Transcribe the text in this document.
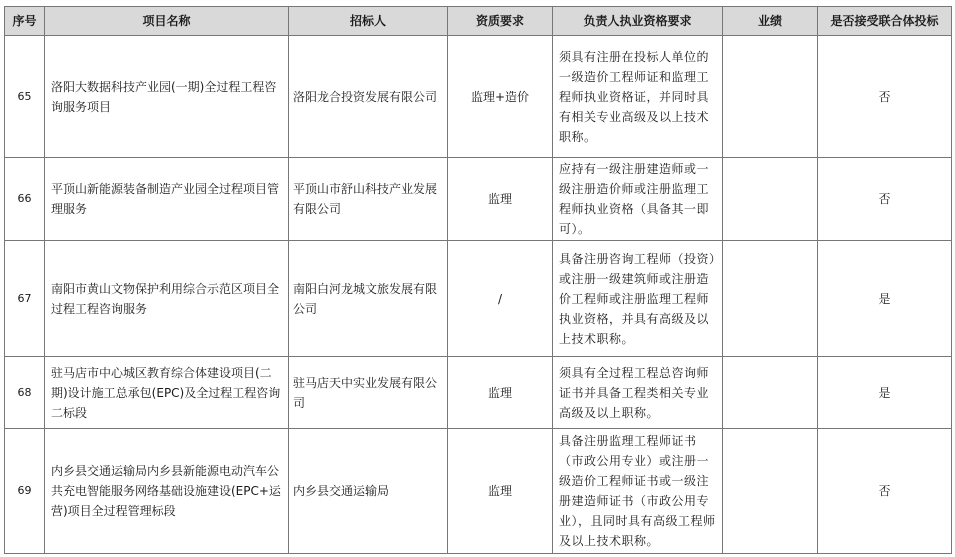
序号	项目名称	招标人	资质要求	负责人执业资格要求	业绩	是否接受联合体投标
65	洛阳大数据科技产业园(一期)全过程工程咨询服务项目	洛阳龙合投资发展有限公司	监理+造价	须具有注册在投标人单位的一级造价工程师证和监理工程师执业资格证，并同时具有相关专业高级及以上技术职称。		否
66	平顶山新能源装备制造产业园全过程项目管理服务	平顶山市舒山科技产业发展有限公司	监理	应持有一级注册建造师或一级注册造价师或注册监理工程师执业资格（具备其一即可）。		否
67	南阳市黄山文物保护利用综合示范区项目全过程工程咨询服务	南阳白河龙城文旅发展有限公司	/	具备注册咨询工程师（投资）或注册一级建筑师或注册造价工程师或注册监理工程师执业资格，并具有高级及以上技术职称。		是
68	驻马店市中心城区教育综合体建设项目(二期)设计施工总承包(EPC)及全过程工程咨询二标段	驻马店天中实业发展有限公司	监理	须具有全过程工程总咨询师证书并具备工程类相关专业高级及以上职称。		是
69	内乡县交通运输局内乡县新能源电动汽车公共充电智能服务网络基础设施建设(EPC+运营)项目全过程管理标段	内乡县交通运输局	监理	具备注册监理工程师证书（市政公用专业）或注册一级造价工程师证书或一级注册建造师证书（市政公用专业），且同时具有高级工程师及以上技术职称。		否
